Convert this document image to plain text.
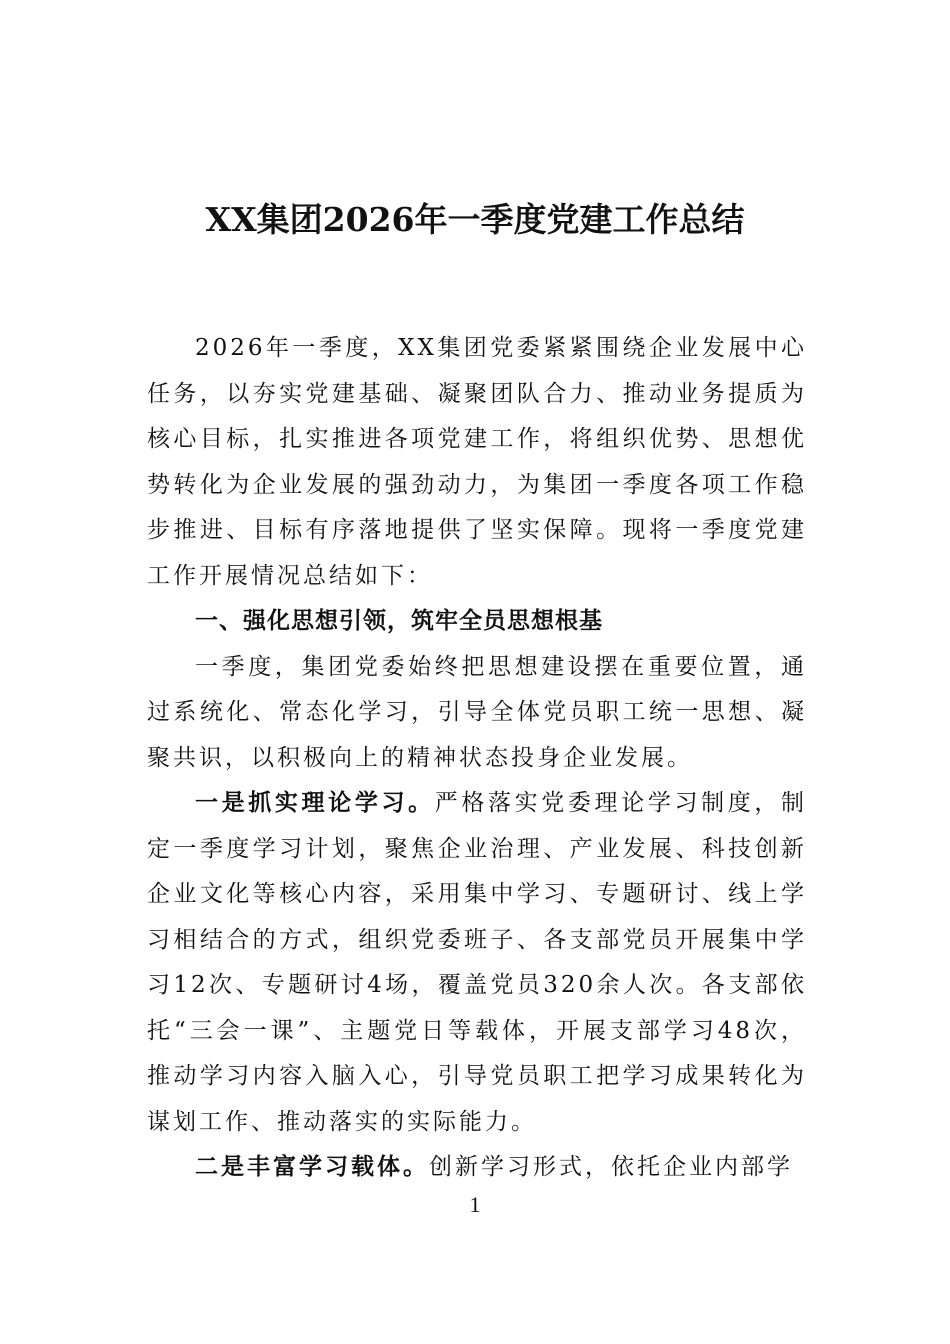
XX集团2026年一季度党建工作总结

2026年一季度，XX集团党委紧紧围绕企业发展中心任务，以夯实党建基础、凝聚团队合力、推动业务提质为核心目标，扎实推进各项党建工作，将组织优势、思想优势转化为企业发展的强劲动力，为集团一季度各项工作稳步推进、目标有序落地提供了坚实保障。现将一季度党建工作开展情况总结如下：

一、强化思想引领，筑牢全员思想根基

一季度，集团党委始终把思想建设摆在重要位置，通过系统化、常态化学习，引导全体党员职工统一思想、凝聚共识，以积极向上的精神状态投身企业发展。

一是抓实理论学习。严格落实党委理论学习制度，制定一季度学习计划，聚焦企业治理、产业发展、科技创新企业文化等核心内容，采用集中学习、专题研讨、线上学习相结合的方式，组织党委班子、各支部党员开展集中学习12次、专题研讨4场，覆盖党员320余人次。各支部依托“三会一课”、主题党日等载体，开展支部学习48次，推动学习内容入脑入心，引导党员职工把学习成果转化为谋划工作、推动落实的实际能力。

二是丰富学习载体。创新学习形式，依托企业内部学

1
